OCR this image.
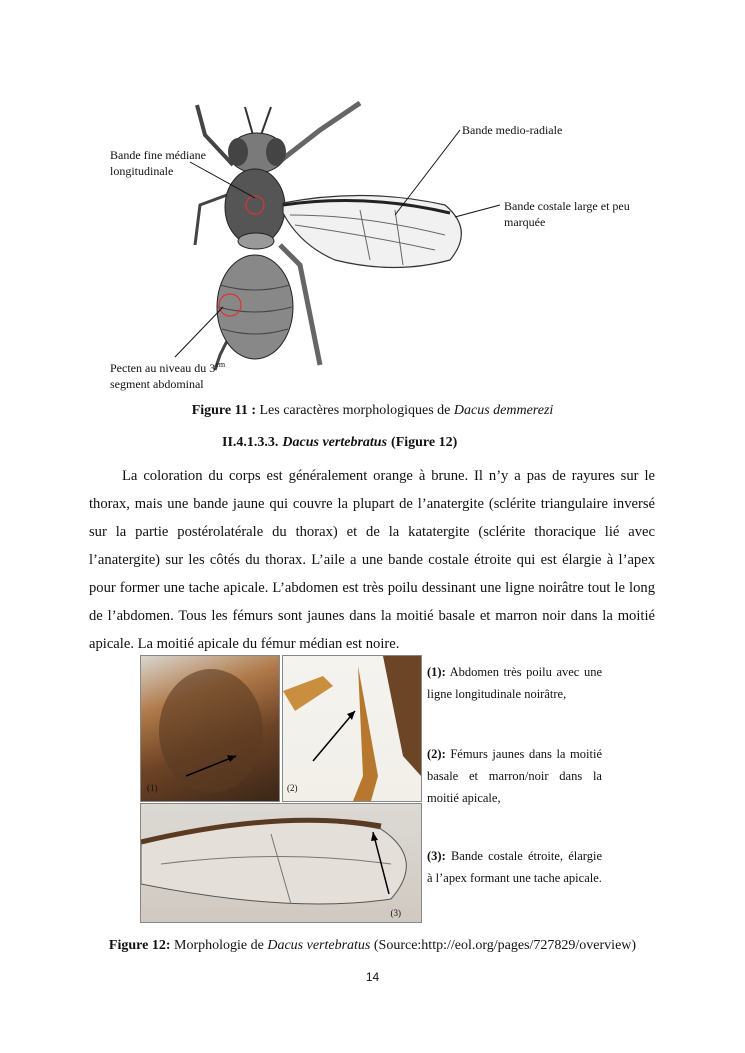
Bande fine médiane
longitudinale
Bande medio-radiale
Bande costale large et peu
marquée
Pecten au niveau du $3^{em}$
segment abdominal
Figure 11 : Les caractères morphologiques de Dacus demmerezi
II.4.1.3.3. Dacus vertebratus (Figure 12)

La coloration du corps est généralement orange à brune. Il n’y a pas de rayures sur le thorax, mais une bande jaune qui couvre la plupart de l’anatergite (sclérite triangulaire inversé sur la partie postérolatérale du thorax) et de la katatergite (sclérite thoracique lié avec l’anatergite) sur les côtés du thorax. L’aile a une bande costale étroite qui est élargie à l’apex pour former une tache apicale. L’abdomen est très poilu dessinant une ligne noirâtre tout le long de l’abdomen. Tous les fémurs sont jaunes dans la moitié basale et marron noir dans la moitié apicale. La moitié apicale du fémur médian est noire.

(1)	(2)
(3)
(1): Abdomen très poilu avec une ligne longitudinale noirâtre,
(2): Fémurs jaunes dans la moitié basale et marron/noir dans la moitié apicale,
(3): Bande costale étroite, élargie à l’apex formant une tache apicale.
Figure 12: Morphologie de Dacus vertebratus (Source:http://eol.org/pages/727829/overview)
14
